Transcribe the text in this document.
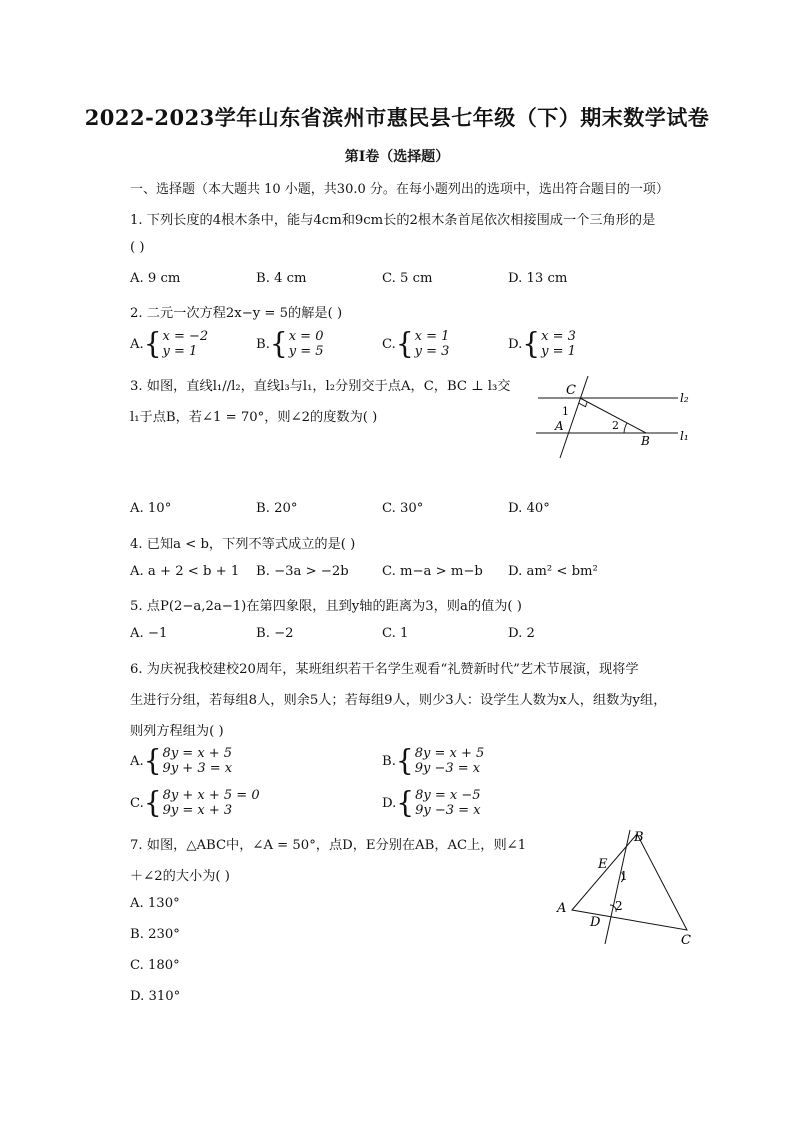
2022-2023学年山东省滨州市惠民县七年级（下）期末数学试卷
第Ⅰ卷（选择题）
一、选择题（本大题共 10 小题，共30.0 分。在每小题列出的选项中，选出符合题目的一项）
1. 下列长度的4根木条中，能与4cm和9cm长的2根木条首尾依次相接围成一个三角形的是
( )
A. 9 cm	B. 4 cm	C. 5 cm	D. 13 cm
2. 二元一次方程2x−y = 5的解是( )
A.{x = −2
y = 1	B.{x = 0
y = 5	C.{x = 1
y = 3	D.{x = 3
y = 1
3. 如图，直线l₁//l₂，直线l₃与l₁，l₂分别交于点A，C，BC ⊥ l₃交
l₁于点B，若∠1 = 70°，则∠2的度数为( )
C
1
A	2
B
l₂
l₁
A. 10°	B. 20°	C. 30°	D. 40°
4. 已知a < b，下列不等式成立的是( )
A. a + 2 < b + 1 B. −3a > −2b	C. m−a > m−b D. am² < bm²
5. 点P(2−a,2a−1)在第四象限，且到y轴的距离为3，则a的值为( )
A. −1	B. −2	C. 1	D. 2
6. 为庆祝我校建校20周年，某班组织若干名学生观看“礼赞新时代”艺术节展演，现将学
生进行分组，若每组8人，则余5人；若每组9人，则少3人：设学生人数为x人，组数为y组，
则列方程组为( )
A.{8y = x + 5
9y + 3 = x	B.{8y = x + 5
9y −3 = x
C.{8y + x + 5 = 0
9y = x + 3	D.{8y = x −5
9y −3 = x
7. 如图，△ABC中，∠A = 50°，点D，E分别在AB，AC上，则∠1
＋∠2的大小为( )
A. 130°
B. 230°
C. 180°
D. 310°
B
E
1
2
A
D
C
